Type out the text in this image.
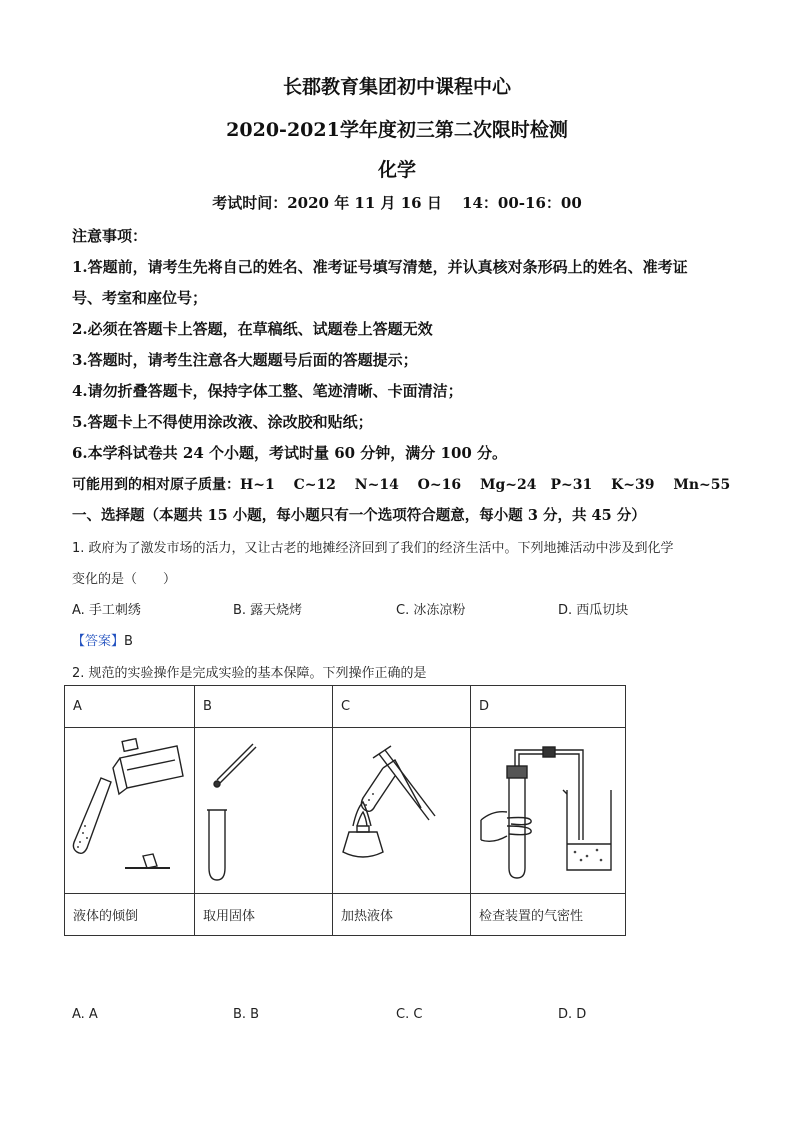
长郡教育集团初中课程中心
2020-2021学年度初三第二次限时检测
化学
考试时间：2020 年 11 月 16 日　 14：00-16：00
注意事项：
1.答题前，请考生先将自己的姓名、准考证号填写清楚，并认真核对条形码上的姓名、准考证
号、考室和座位号；
2.必须在答题卡上答题，在草稿纸、试题卷上答题无效
3.答题时，请考生注意各大题题号后面的答题提示；
4.请勿折叠答题卡，保持字体工整、笔迹清晰、卡面清洁；
5.答题卡上不得使用涂改液、涂改胶和贴纸；
6.本学科试卷共 24 个小题，考试时量 60 分钟，满分 100 分。
可能用到的相对原子质量：H~1　 C~12　 N~14　 O~16　 Mg~24　P~31　 K~39　 Mn~55
一、选择题（本题共 15 小题，每小题只有一个选项符合题意，每小题 3 分，共 45 分）
1. 政府为了激发市场的活力，又让古老的地摊经济回到了我们的经济生活中。下列地摊活动中涉及到化学
变化的是（　　）
A. 手工刺绣	B. 露天烧烤	C. 冰冻凉粉	D. 西瓜切块
【答案】B
2. 规范的实验操作是完成实验的基本保障。下列操作正确的是
A	B	C	D

液体的倾倒	取用固体	加热液体	检查装置的气密性
A. A	B. B	C. C	D. D
